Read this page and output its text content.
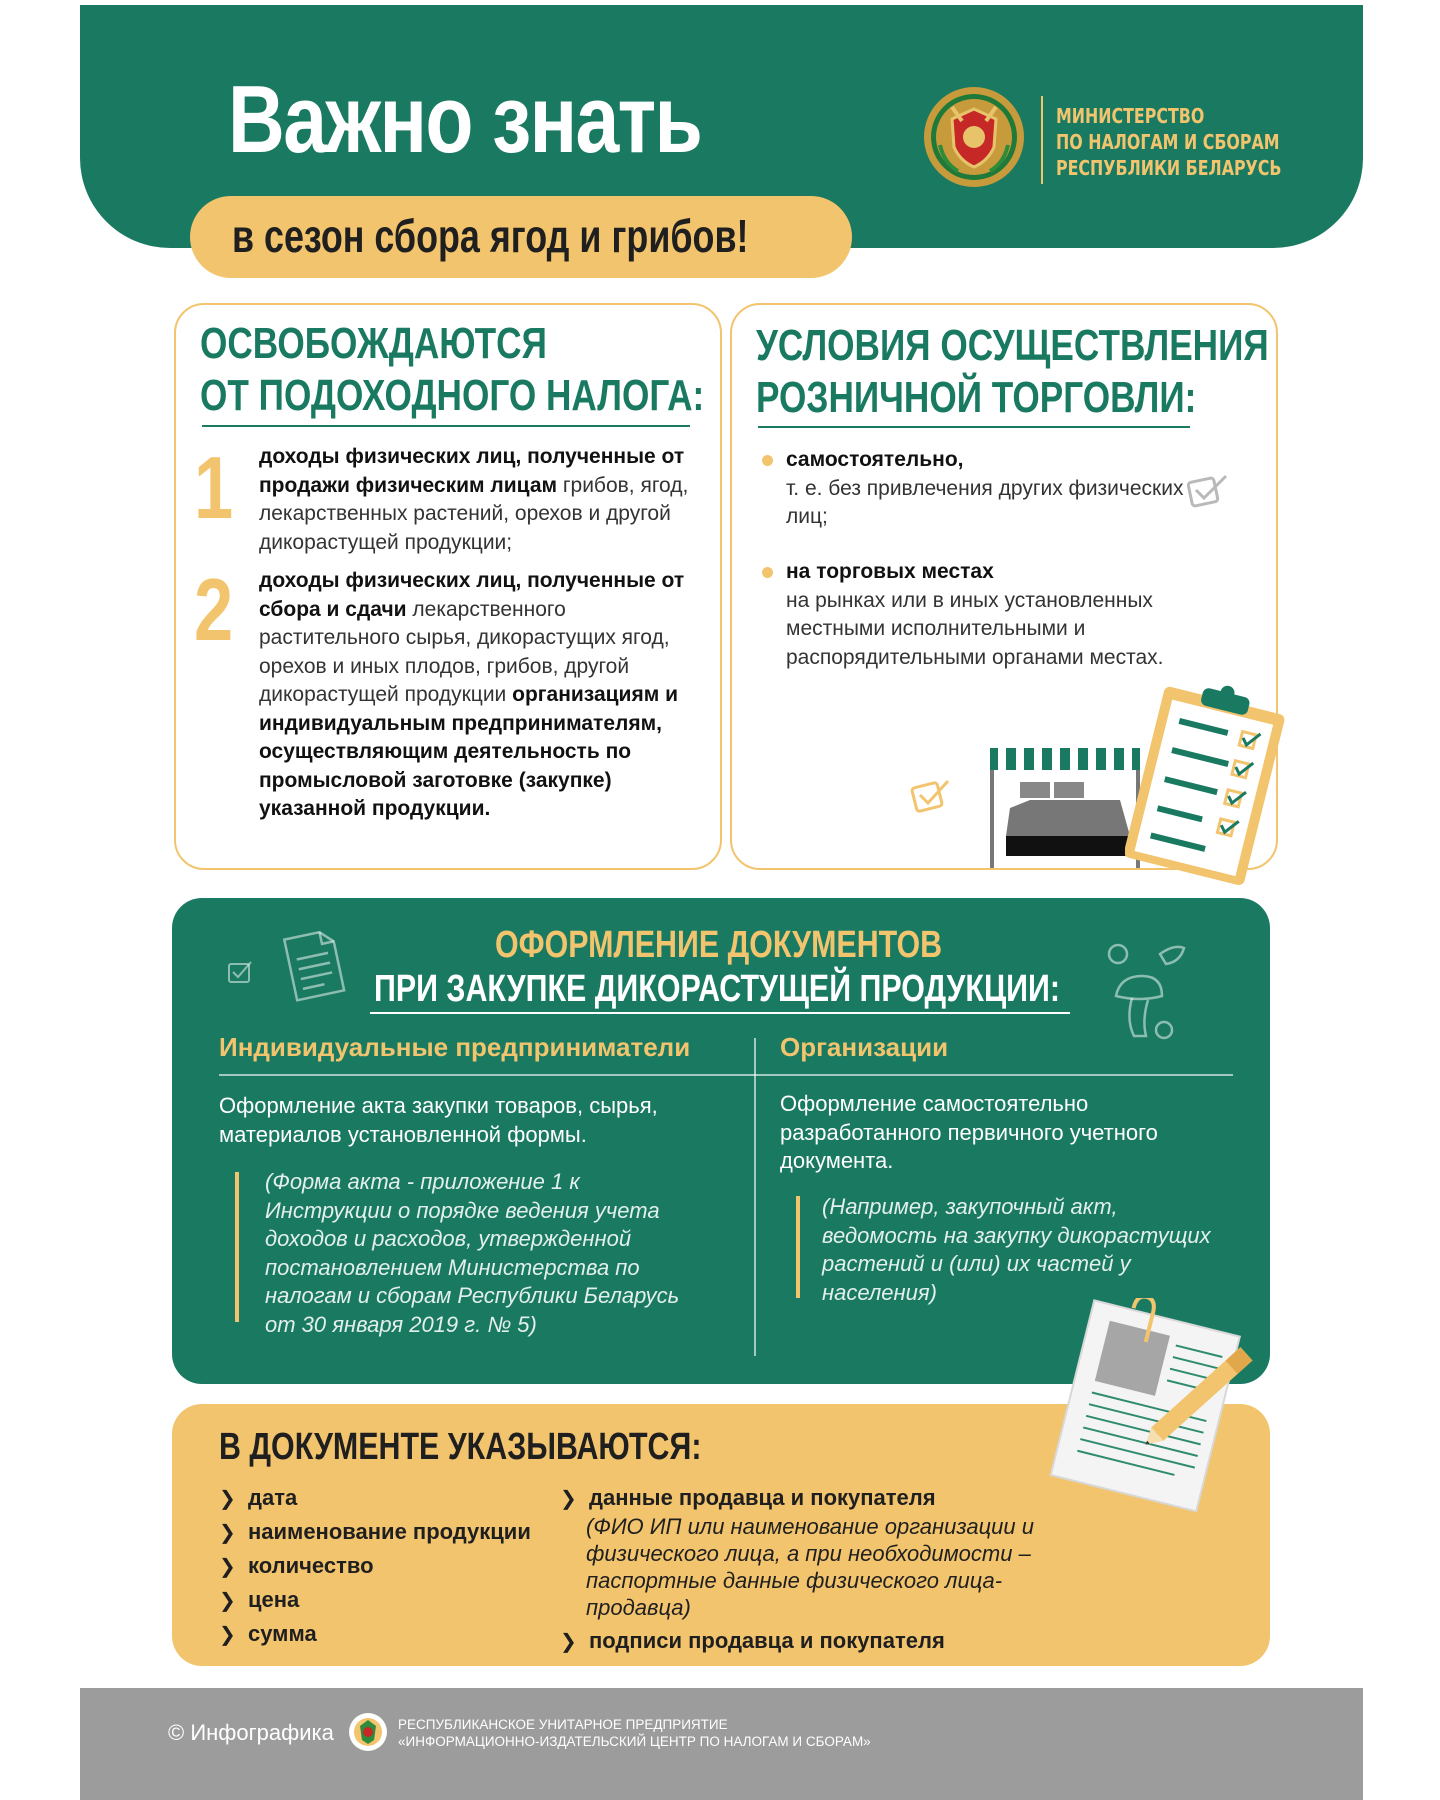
Важно знать
в сезон сбора ягод и грибов!
МИНИСТЕРСТВО
ПО НАЛОГАМ И СБОРАМ
РЕСПУБЛИКИ БЕЛАРУСЬ
ОСВОБОЖДАЮТСЯ
ОТ ПОДОХОДНОГО НАЛОГА:
1 доходы физических лиц, полученные от продажи физическим лицам грибов, ягод, лекарственных растений, орехов и другой дикорастущей продукции;
2 доходы физических лиц, полученные от сбора и сдачи лекарственного растительного сырья, дикорастущих ягод, орехов и иных плодов, грибов, другой дикорастущей продукции организациям и индивидуальным предпринимателям, осуществляющим деятельность по промысловой заготовке (закупке) указанной продукции.
УСЛОВИЯ ОСУЩЕСТВЛЕНИЯ
РОЗНИЧНОЙ ТОРГОВЛИ:
самостоятельно,
т. е. без привлечения других физических лиц;
на торговых местах
на рынках или в иных установленных местными исполнительными и распорядительными органами местах.
ОФОРМЛЕНИЕ ДОКУМЕНТОВ
ПРИ ЗАКУПКЕ ДИКОРАСТУЩЕЙ ПРОДУКЦИИ:
Индивидуальные предприниматели	Организации
Оформление акта закупки товаров, сырья, материалов установленной формы.
(Форма акта - приложение 1 к Инструкции о порядке ведения учета доходов и расходов, утвержденной постановлением Министерства по налогам и сборам Республики Беларусь от 30 января 2019 г. № 5)
Оформление самостоятельно разработанного первичного учетного документа.
(Например, закупочный акт, ведомость на закупку дикорастущих растений и (или) их частей у населения)
В ДОКУМЕНТЕ УКАЗЫВАЮТСЯ:
❯ дата
❯ наименование продукции
❯ количество
❯ цена
❯ сумма
❯ данные продавца и покупателя
(ФИО ИП или наименование организации и физического лица, а при необходимости – паспортные данные физического лица-продавца)
❯ подписи продавца и покупателя
© Инфографика	РЕСПУБЛИКАНСКОЕ УНИТАРНОЕ ПРЕДПРИЯТИЕ
«ИНФОРМАЦИОННО-ИЗДАТЕЛЬСКИЙ ЦЕНТР ПО НАЛОГАМ И СБОРАМ»
